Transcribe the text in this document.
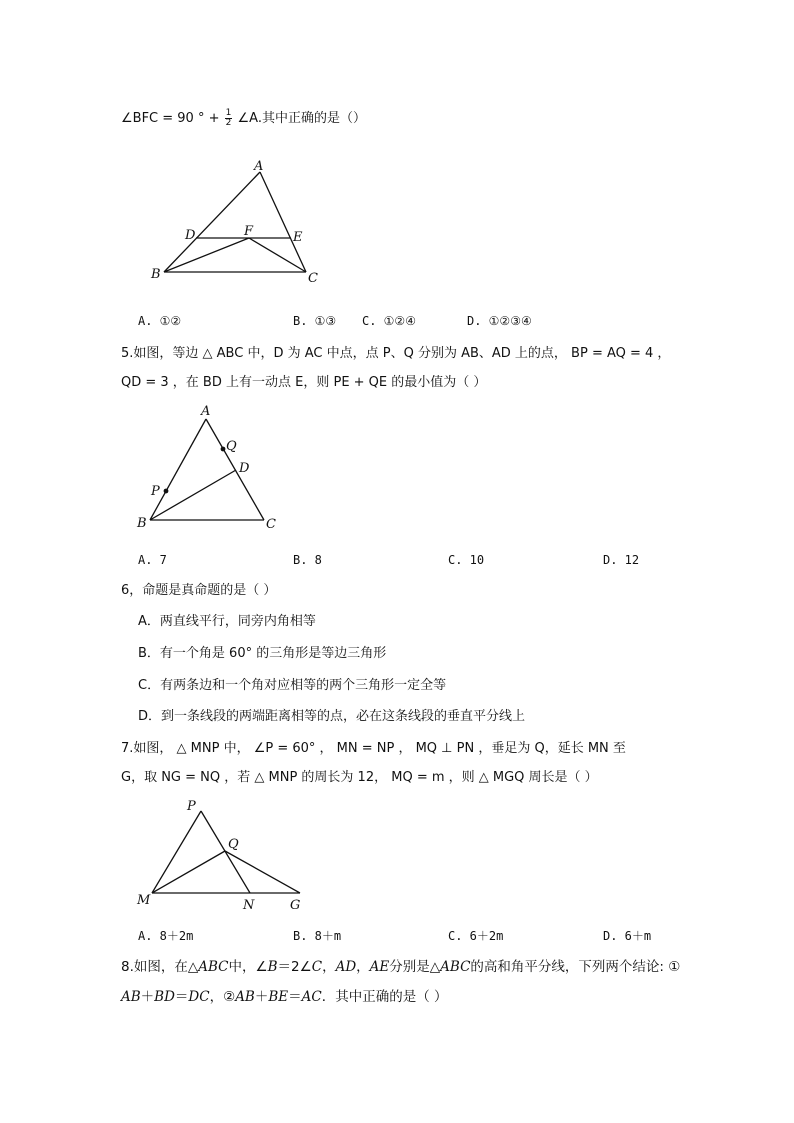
∠BFC = 90 ° + $\frac{1}{2}$ ∠A.其中正确的是（）
A
B	C
D	E
F
A. ①②	B. ①③ C. ①②④	D. ①②③④
5.如图，等边 △ ABC 中，D 为 AC 中点，点 P、Q 分别为 AB、AD 上的点， BP = AQ = 4 ，
QD = 3 ，在 BD 上有一动点 E，则 PE + QE 的最小值为（ ）
A
B	C
D
P
Q
A. 7	B. 8	C. 10	D. 12
6，命题是真命题的是（ ）
A．两直线平行，同旁内角相等
B．有一个角是 60° 的三角形是等边三角形
C．有两条边和一个角对应相等的两个三角形一定全等
D．到一条线段的两端距离相等的点，必在这条线段的垂直平分线上
7.如图， △ MNP 中， ∠P = 60° ， MN = NP ， MQ ⊥ PN ，垂足为 Q，延长 MN 至
G，取 NG = NQ ，若 △ MNP 的周长为 12， MQ = m ，则 △ MGQ 周长是（ ）
P
Q
M	N	G
A. 8＋2m	B. 8＋m	C. 6＋2m	D. 6＋m
8.如图，在△ABC中，∠B＝2∠C，AD，AE分别是△ABC的高和角平分线，下列两个结论: ①
AB＋BD＝DC，②AB＋BE＝AC．其中正确的是（ ）
